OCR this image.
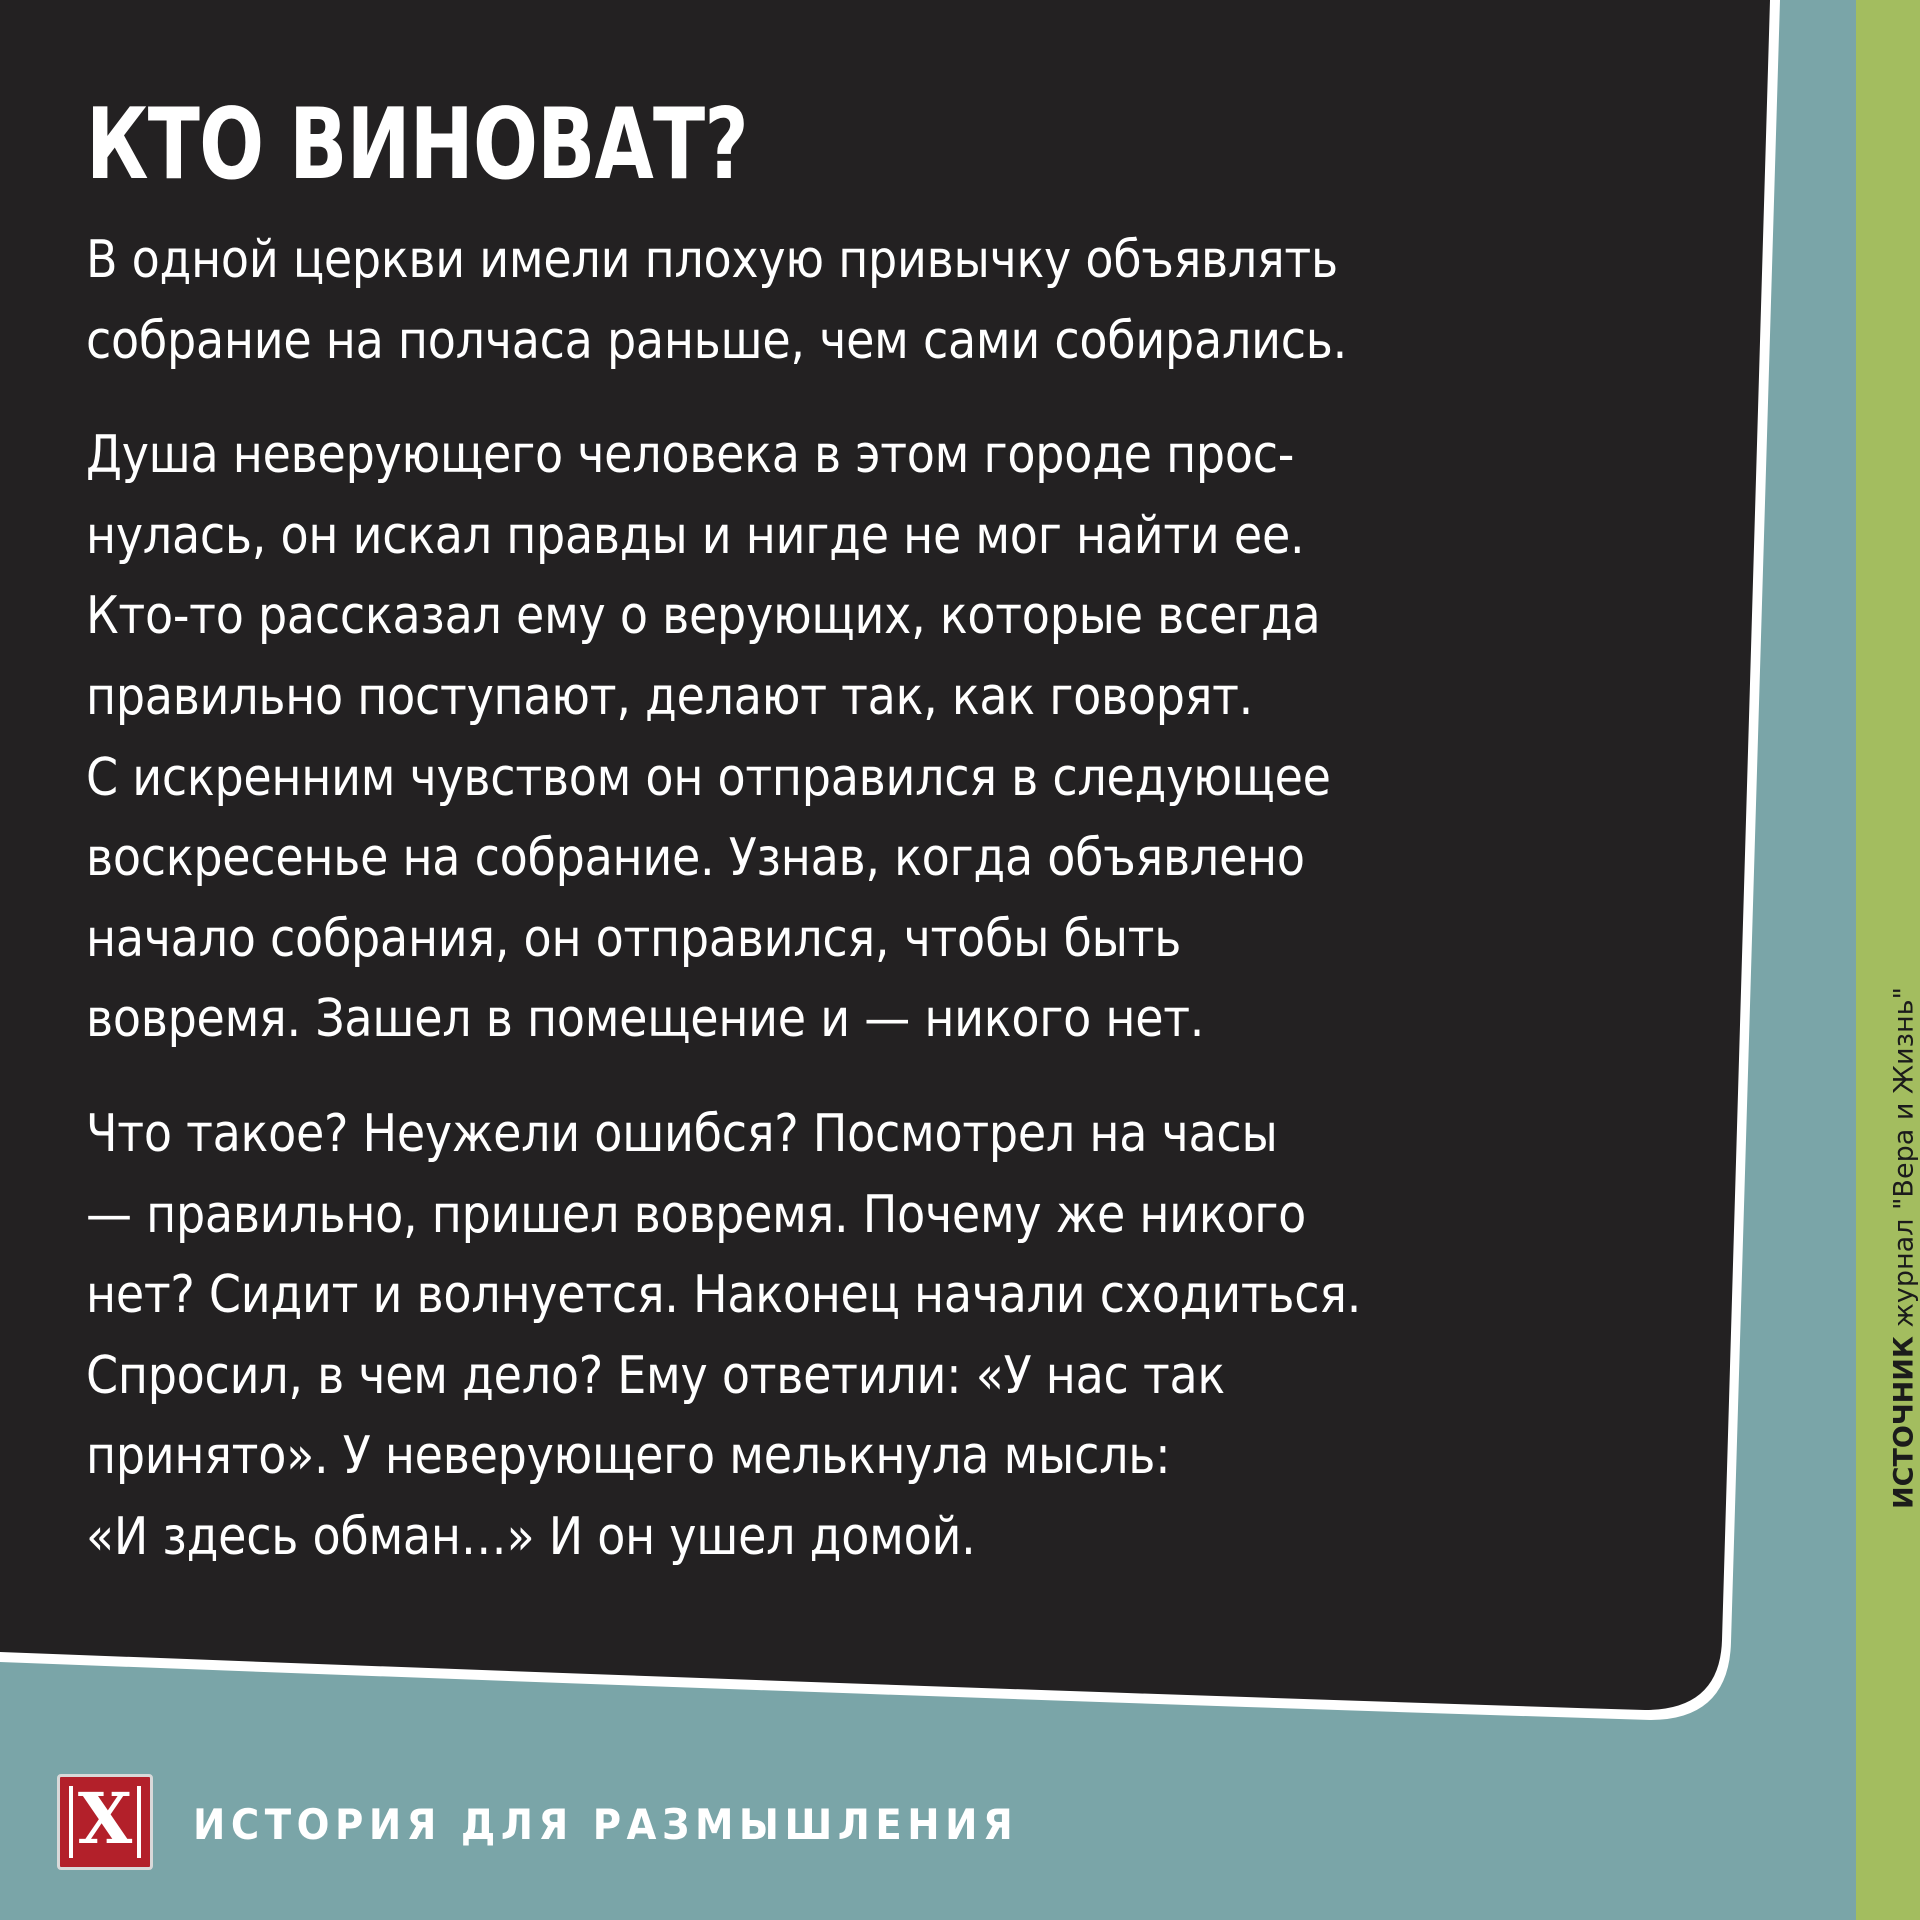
ИСТОЧНИК журнал "Вера и Жизнь"
КТО ВИНОВАТ?

В одной церкви имели плохую привычку объявлять
собрание на полчаса раньше, чем сами собирались.

Душа неверующего человека в этом городе прос-
нулась, он искал правды и нигде не мог найти ее.
Кто-то рассказал ему о верующих, которые всегда
правильно поступают, делают так, как говорят.
С искренним чувством он отправился в следующее
воскресенье на собрание. Узнав, когда объявлено
начало собрания, он отправился, чтобы быть
вовремя. Зашел в помещение и — никого нет.

Что такое? Неужели ошибся? Посмотрел на часы
— правильно, пришел вовремя. Почему же никого
нет? Сидит и волнуется. Наконец начали сходиться.
Спросил, в чем дело? Ему ответили: «У нас так
принято». У неверующего мелькнула мысль:
«И здесь обман…» И он ушел домой.

X	ИСТОРИЯ ДЛЯ РАЗМЫШЛЕНИЯ
